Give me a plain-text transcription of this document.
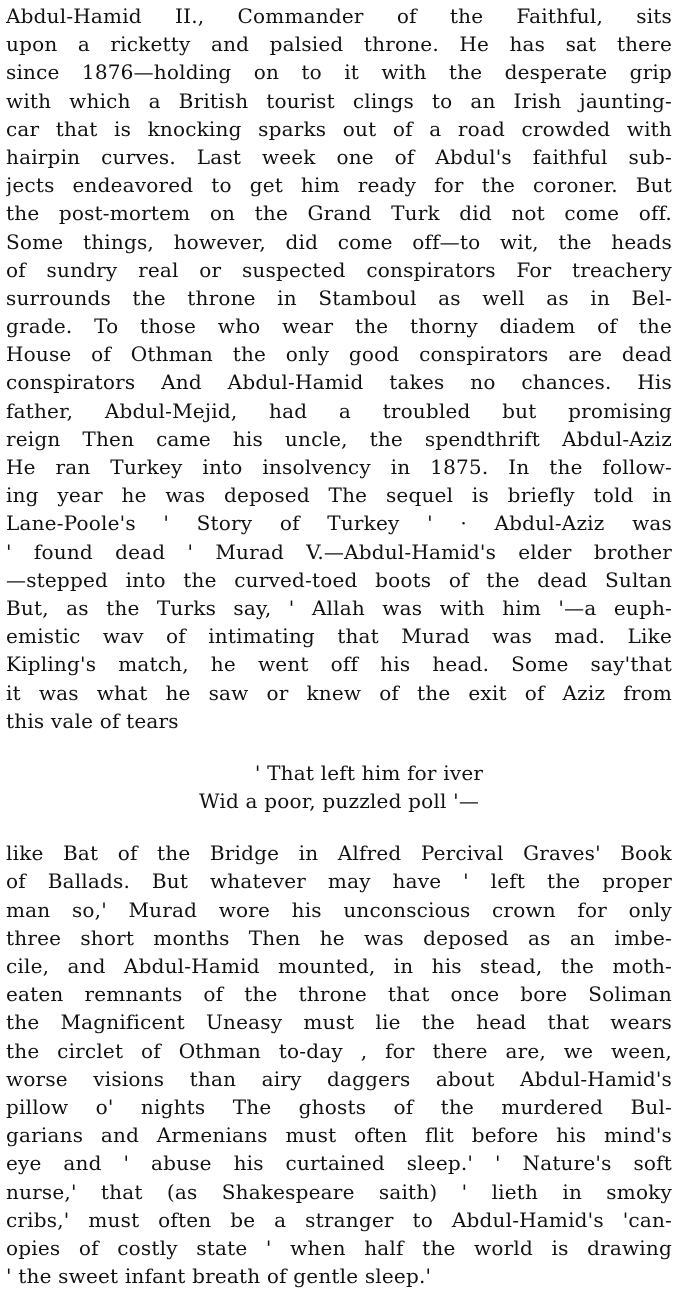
Abdul-Hamid II., Commander of the Faithful, sits
upon a ricketty and palsied throne. He has sat there
since 1876—holding on to it with the desperate grip
with which a British tourist clings to an Irish jaunting-
car that is knocking sparks out of a road crowded with
hairpin curves. Last week one of Abdul's faithful sub-
jects endeavored to get him ready for the coroner. But
the post-mortem on the Grand Turk did not come off.
Some things, however, did come off—to wit, the heads
of sundry real or suspected conspirators For treachery
surrounds the throne in Stamboul as well as in Bel-
grade. To those who wear the thorny diadem of the
House of Othman the only good conspirators are dead
conspirators And Abdul-Hamid takes no chances. His
father, Abdul-Mejid, had a troubled but promising
reign Then came his uncle, the spendthrift Abdul-Aziz
He ran Turkey into insolvency in 1875. In the follow-
ing year he was deposed The sequel is briefly told in
Lane-Poole's ' Story of Turkey ' · Abdul-Aziz was
' found dead ' Murad V.—Abdul-Hamid's elder brother
—stepped into the curved-toed boots of the dead Sultan
But, as the Turks say, ' Allah was with him '—a euph-
emistic wav of intimating that Murad was mad. Like
Kipling's match, he went off his head. Some say'that
it was what he saw or knew of the exit of Aziz from
this vale of tears
' That left him for iver
Wid a poor, puzzled poll '—
like Bat of the Bridge in Alfred Percival Graves' Book
of Ballads. But whatever may have ' left the proper
man so,' Murad wore his unconscious crown for only
three short months Then he was deposed as an imbe-
cile, and Abdul-Hamid mounted, in his stead, the moth-
eaten remnants of the throne that once bore Soliman
the Magnificent Uneasy must lie the head that wears
the circlet of Othman to-day , for there are, we ween,
worse visions than airy daggers about Abdul-Hamid's
pillow o' nights The ghosts of the murdered Bul-
garians and Armenians must often flit before his mind's
eye and ' abuse his curtained sleep.' ' Nature's soft
nurse,' that (as Shakespeare saith) ' lieth in smoky
cribs,' must often be a stranger to Abdul-Hamid's 'can-
opies of costly state ' when half the world is drawing
' the sweet infant breath of gentle sleep.'
